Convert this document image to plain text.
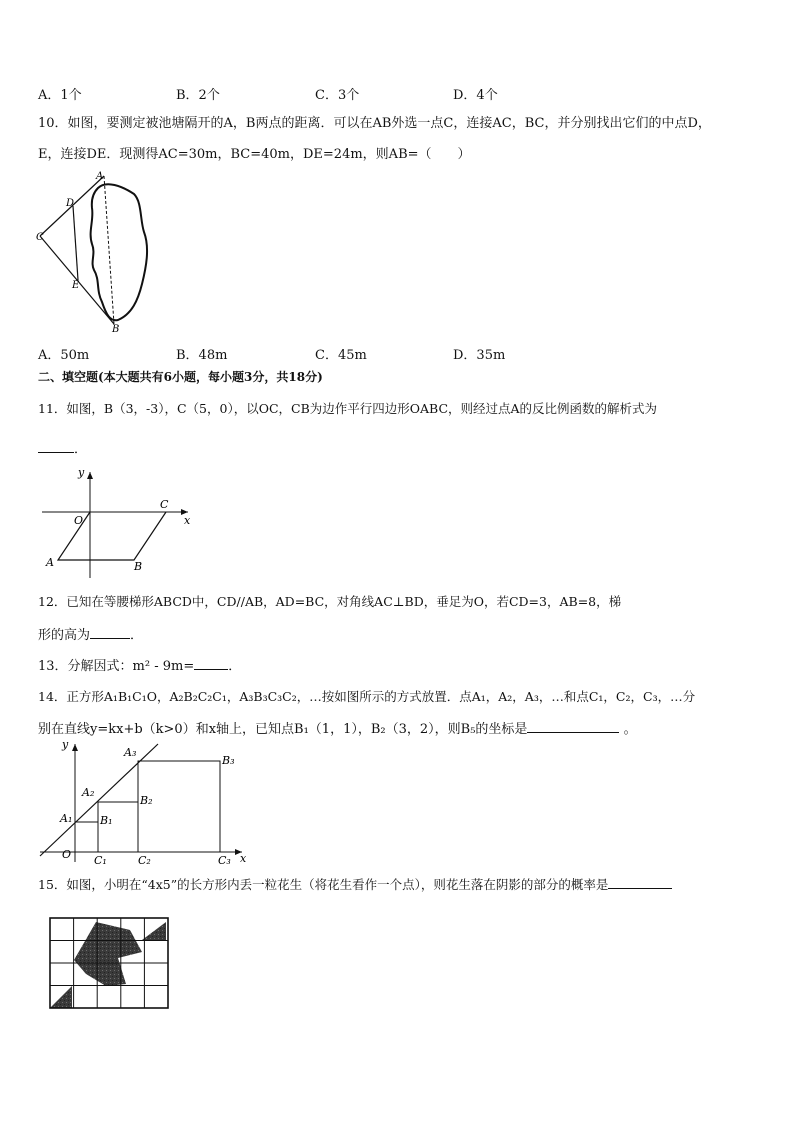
A．1个	B．2个	C．3个	D．4个
10．如图，要测定被池塘隔开的A，B两点的距离．可以在AB外选一点C，连接AC，BC，并分别找出它们的中点D，
E，连接DE．现测得AC=30m，BC=40m，DE=24m，则AB=（　　）
A
B
C
D
E
A．50m	B．48m	C．45m	D．35m
二、填空题(本大题共有6小题，每小题3分，共18分)
11．如图，B（3，-3），C（5，0），以OC，CB为边作平行四边形OABC，则经过点A的反比例函数的解析式为
．
y
x
O
A	B
C
12．已知在等腰梯形ABCD中，CD//AB，AD=BC，对角线AC⊥BD，垂足为O，若CD=3，AB=8，梯
形的高为	．
13．分解因式：m² - 9m=	．
14．正方形A₁B₁C₁O，A₂B₂C₂C₁，A₃B₃C₃C₂，…按如图所示的方式放置．点A₁，A₂，A₃，…和点C₁，C₂，C₃，…分
别在直线y=kx+b（k>0）和x轴上，已知点B₁（1，1），B₂（3，2），则B₅的坐标是	。
y
x
O
A₁
A₂
A₃
B₁
B₂
B₃
C₁	C₂	C₃
15．如图，小明在“4x5”的长方形内丢一粒花生（将花生看作一个点），则花生落在阴影的部分的概率是
